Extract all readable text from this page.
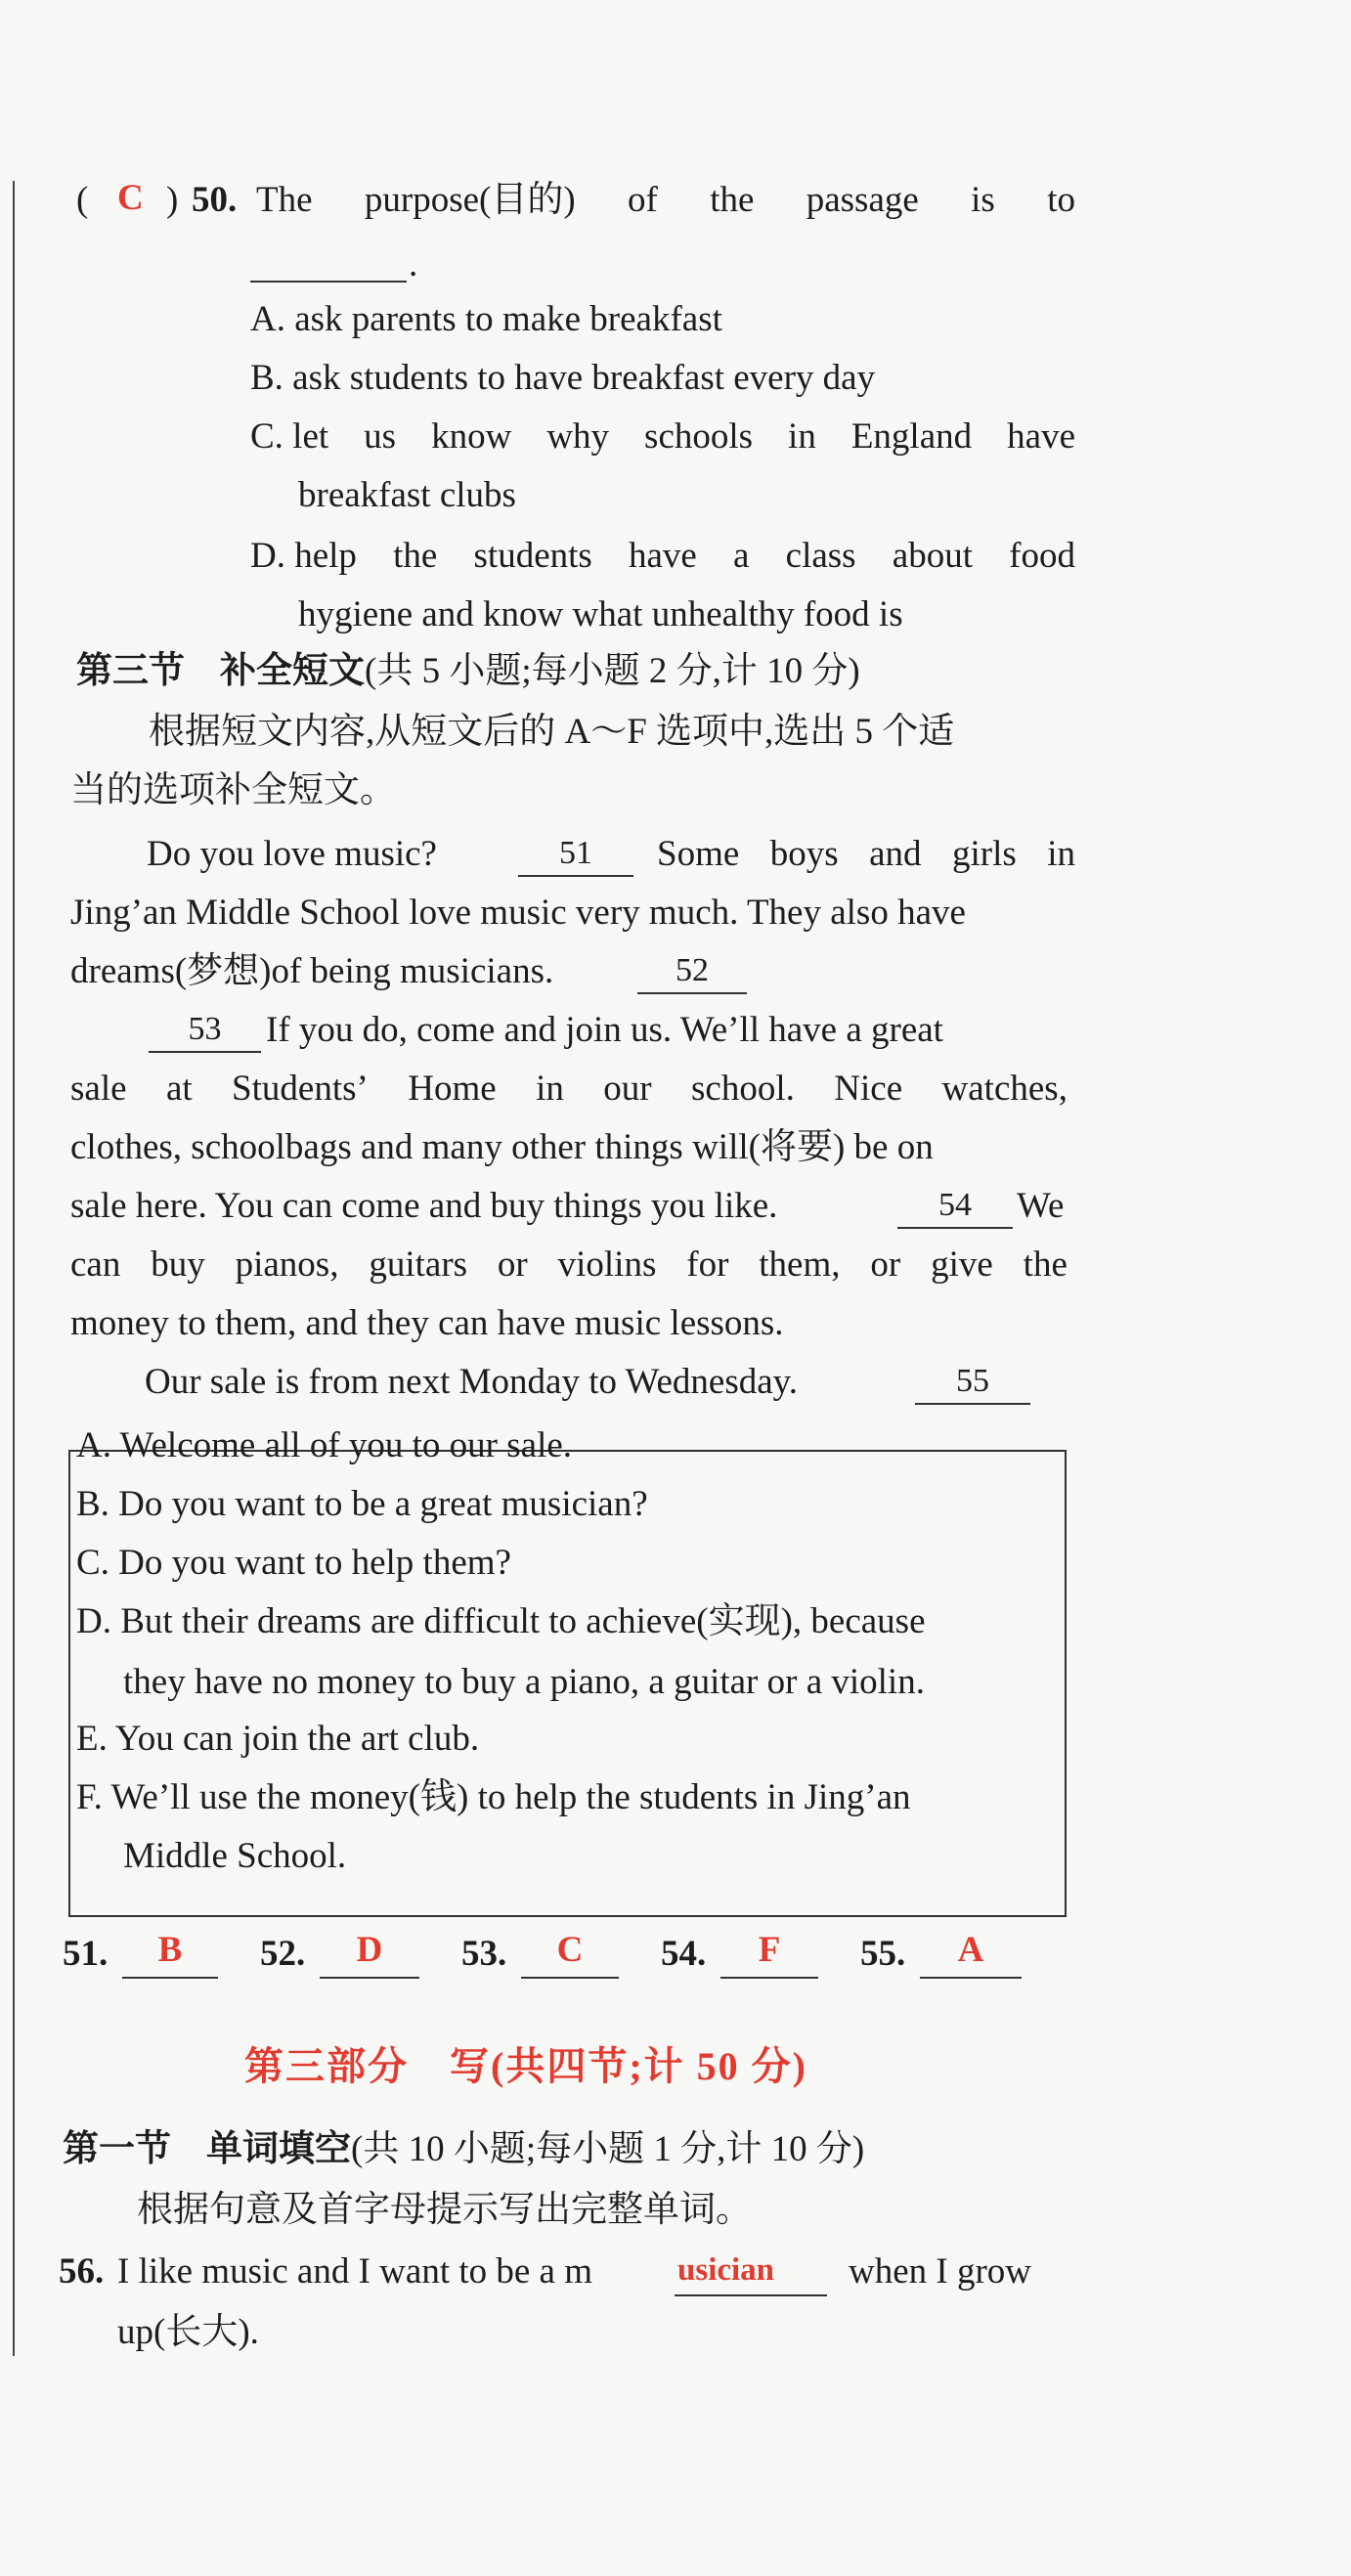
( C ) 50. The purpose(目的) of the passage is to
.
A. ask parents to make breakfast
B. ask students to have breakfast every day
C. let us know why schools in England have
breakfast clubs
D. help the students have a class about food
hygiene and know what unhealthy food is
第三节 补全短文(共 5 小题;每小题 2 分,计 10 分)
根据短文内容,从短文后的 A～F 选项中,选出 5 个适
当的选项补全短文。
Do you love music?	51	Some boys and girls in
Jing’an Middle School love music very much. They also have
dreams(梦想)of being musicians.	52
53	If you do, come and join us. We’ll have a great
sale at Students’ Home in our school. Nice watches,
clothes, schoolbags and many other things will(将要) be on
sale here. You can come and buy things you like.	54	We
can buy pianos, guitars or violins for them, or give the
money to them, and they can have music lessons.
Our sale is from next Monday to Wednesday.	55
A. Welcome all of you to our sale.
B. Do you want to be a great musician?
C. Do you want to help them?
D. But their dreams are difficult to achieve(实现), because
they have no money to buy a piano, a guitar or a violin.
E. You can join the art club.
F. We’ll use the money(钱) to help the students in Jing’an
Middle School.
51.	B	52.	D	53.	C	54.	F	55.	A
第三部分　写(共四节;计 50 分)
第一节 单词填空(共 10 小题;每小题 1 分,计 10 分)
根据句意及首字母提示写出完整单词。
56. I like music and I want to be a m	usician when I grow
up(长大).
